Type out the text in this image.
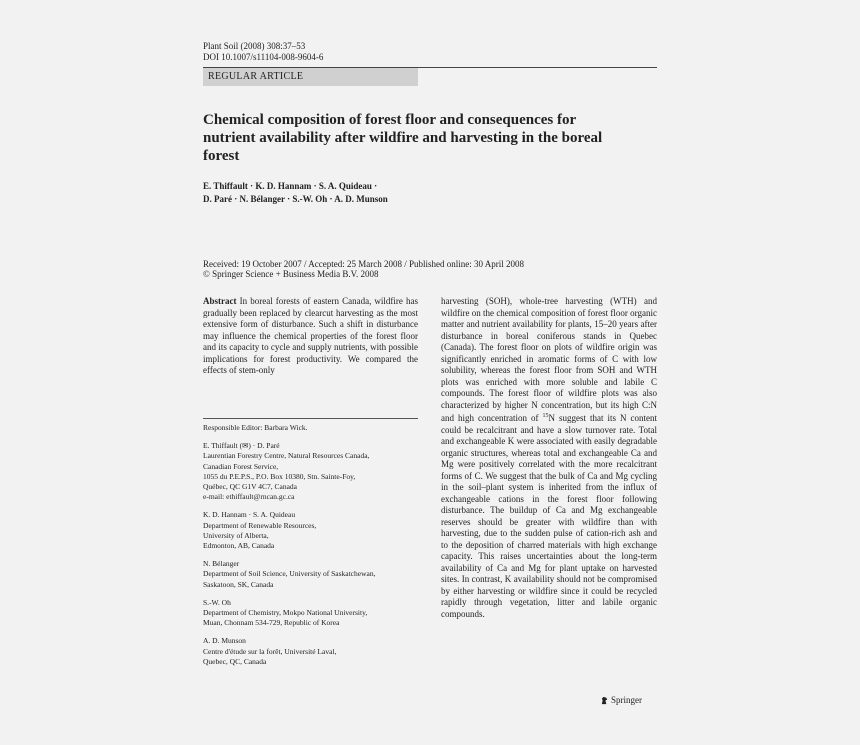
Plant Soil (2008) 308:37–53
DOI 10.1007/s11104-008-9604-6
REGULAR ARTICLE
Chemical composition of forest floor and consequences for nutrient availability after wildfire and harvesting in the boreal forest
E. Thiffault · K. D. Hannam · S. A. Quideau ·
D. Paré · N. Bélanger · S.-W. Oh · A. D. Munson
Received: 19 October 2007 / Accepted: 25 March 2008 / Published online: 30 April 2008
© Springer Science + Business Media B.V. 2008
Abstract In boreal forests of eastern Canada, wildfire has gradually been replaced by clearcut harvesting as the most extensive form of disturbance. Such a shift in disturbance may influence the chemical properties of the forest floor and its capacity to cycle and supply nutrients, with possible implications for forest productivity. We compared the effects of stem-only
Responsible Editor: Barbara Wick.
E. Thiffault (✉) · D. Paré
Laurentian Forestry Centre, Natural Resources Canada,
Canadian Forest Service,
1055 du P.E.P.S., P.O. Box 10380, Stn. Sainte-Foy,
Québec, QC G1V 4C7, Canada
e-mail: ethiffault@rncan.gc.ca
K. D. Hannam · S. A. Quideau
Department of Renewable Resources,
University of Alberta,
Edmonton, AB, Canada
N. Bélanger
Department of Soil Science, University of Saskatchewan,
Saskatoon, SK, Canada
S.-W. Oh
Department of Chemistry, Mokpo National University,
Muan, Chonnam 534-729, Republic of Korea
A. D. Munson
Centre d'étude sur la forêt, Université Laval,
Quebec, QC, Canada
harvesting (SOH), whole-tree harvesting (WTH) and wildfire on the chemical composition of forest floor organic matter and nutrient availability for plants, 15–20 years after disturbance in boreal coniferous stands in Quebec (Canada). The forest floor on plots of wildfire origin was significantly enriched in aromatic forms of C with low solubility, whereas the forest floor from SOH and WTH plots was enriched with more soluble and labile C compounds. The forest floor of wildfire plots was also characterized by higher N concentration, but its high C:N and high concentration of $^{15}$N suggest that its N content could be recalcitrant and have a slow turnover rate. Total and exchangeable K were associated with easily degradable organic structures, whereas total and exchangeable Ca and Mg were positively correlated with the more recalcitrant forms of C. We suggest that the bulk of Ca and Mg cycling in the soil–plant system is inherited from the influx of exchangeable cations in the forest floor following disturbance. The buildup of Ca and Mg exchangeable reserves should be greater with wildfire than with harvesting, due to the sudden pulse of cation-rich ash and to the deposition of charred materials with high exchange capacity. This raises uncertainties about the long-term availability of Ca and Mg for plant uptake on harvested sites. In contrast, K availability should not be compromised by either harvesting or wildfire since it could be recycled rapidly through vegetation, litter and labile organic compounds.
Springer
